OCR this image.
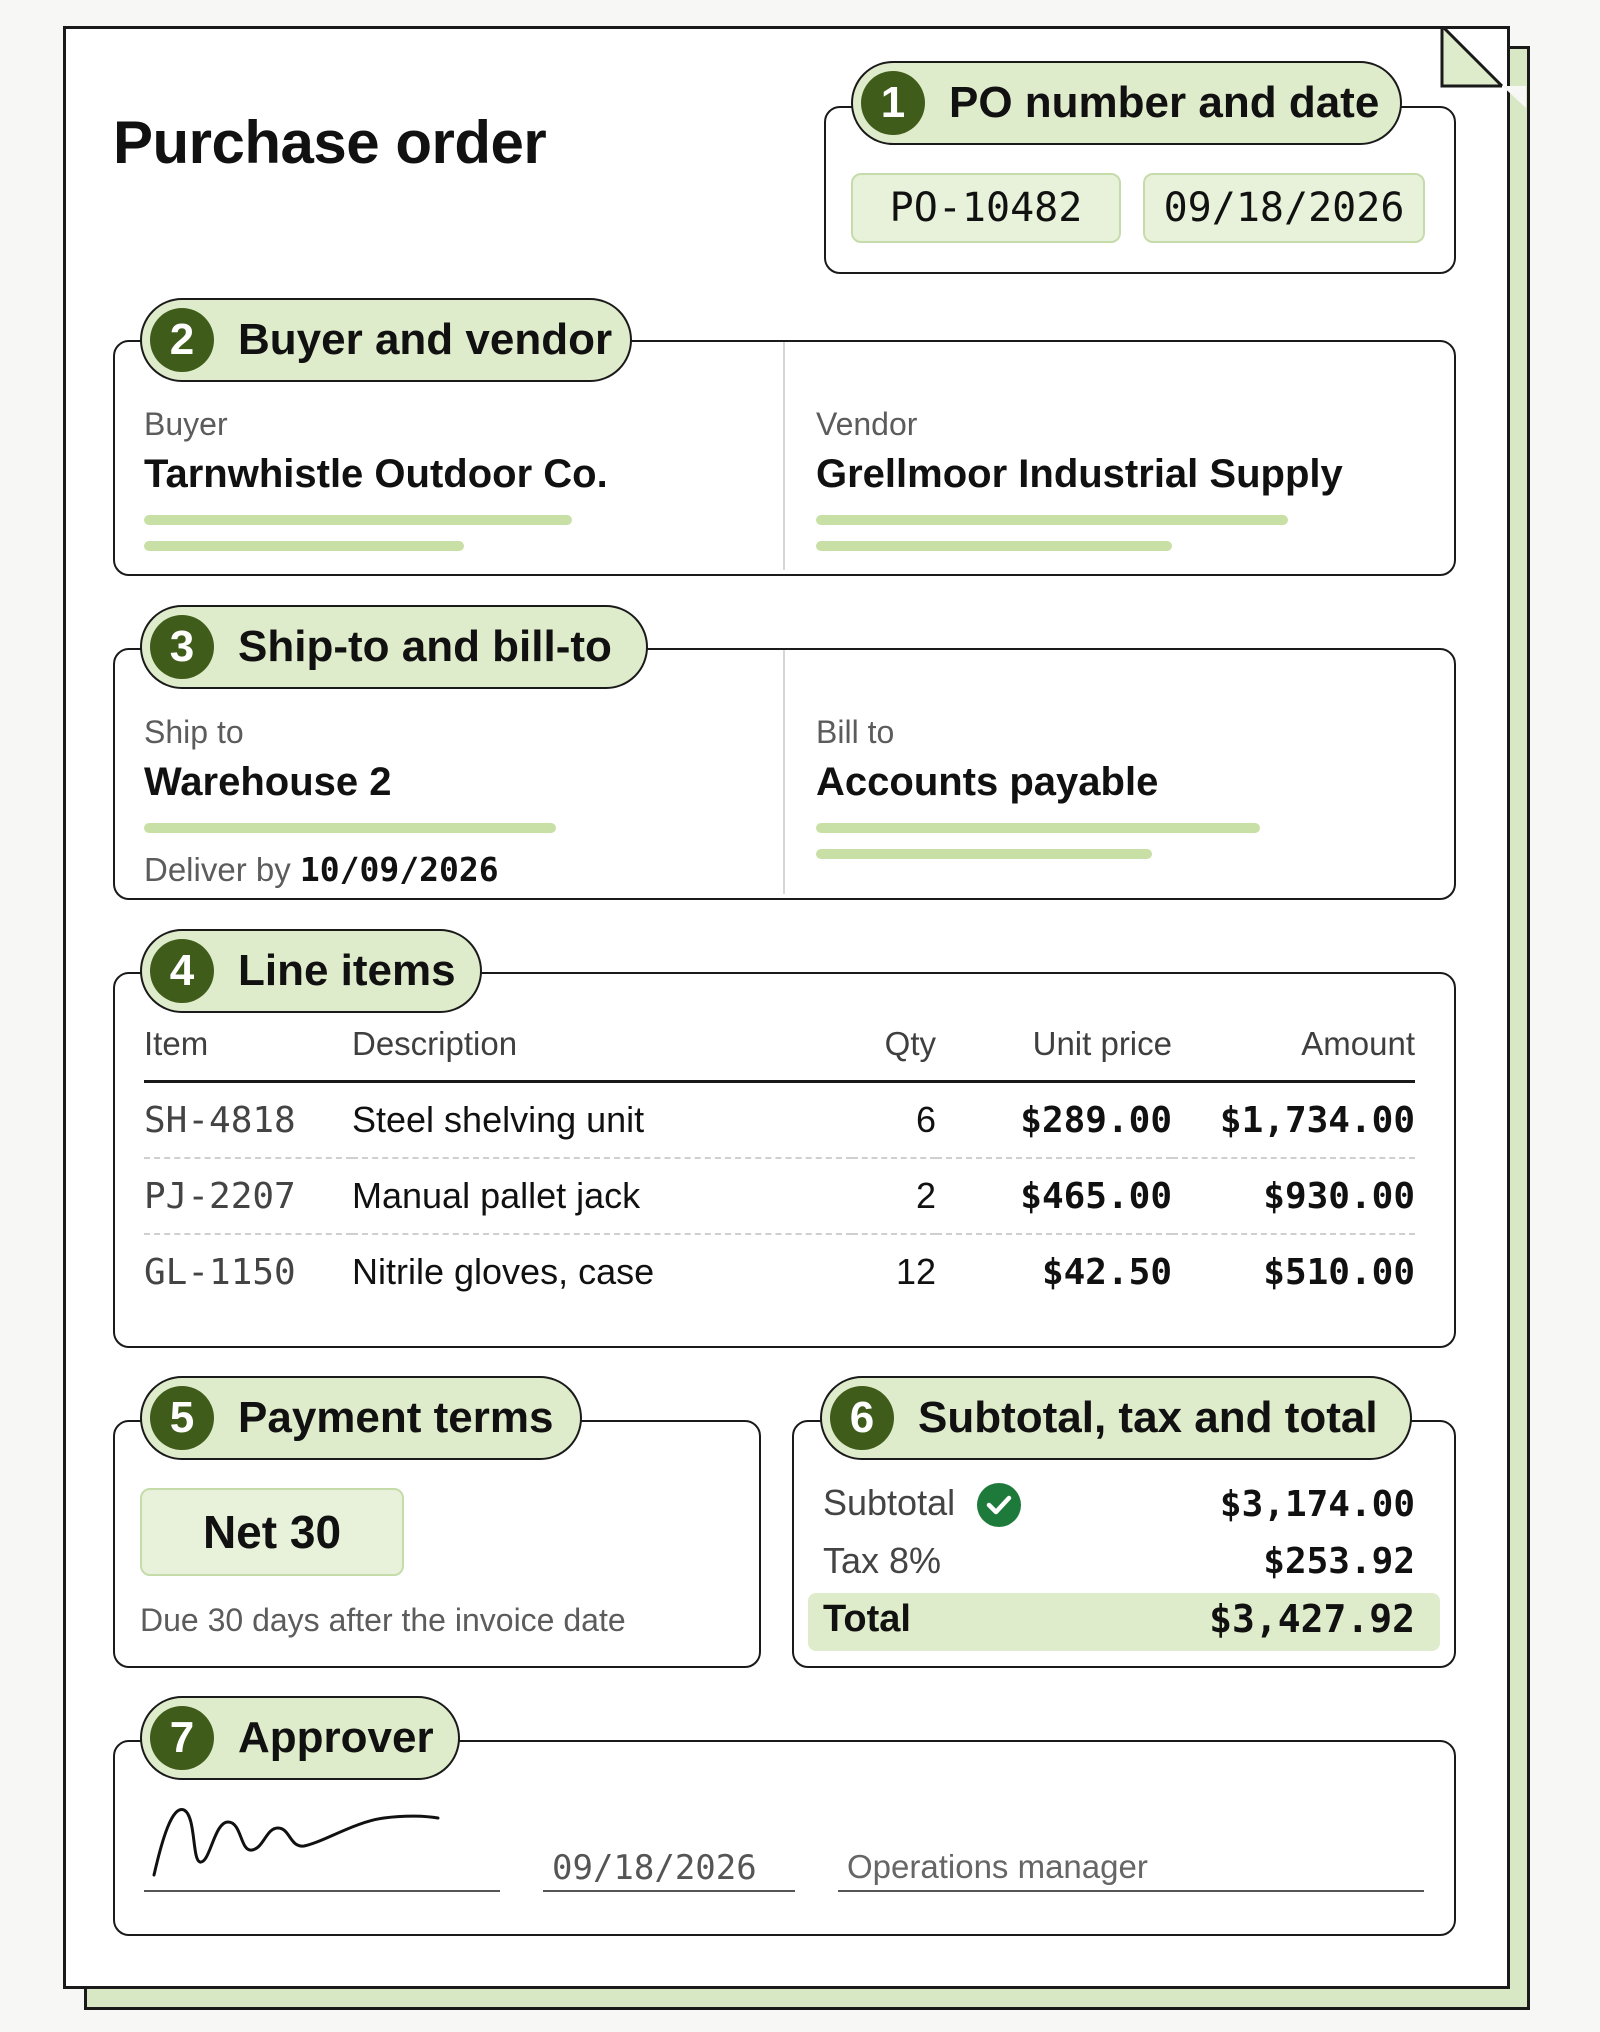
Purchase order
1 PO number and date
PO-10482	09/18/2026
2 Buyer and vendor
Buyer
Tarnwhistle Outdoor Co.
Vendor
Grellmoor Industrial Supply
3 Ship-to and bill-to
Ship to
Warehouse 2
Deliver by 10/09/2026
Bill to
Accounts payable
4 Line items
Item	Description	Qty	Unit price	Amount
SH-4818	Steel shelving unit	6	$289.00	$1,734.00
PJ-2207	Manual pallet jack	2	$465.00	$930.00
GL-1150	Nitrile gloves, case	12	$42.50	$510.00
5 Payment terms
Net 30
Due 30 days after the invoice date
6 Subtotal, tax and total
Subtotal	$3,174.00
Tax 8%	$253.92
Total	$3,427.92
7 Approver
09/18/2026	Operations manager
